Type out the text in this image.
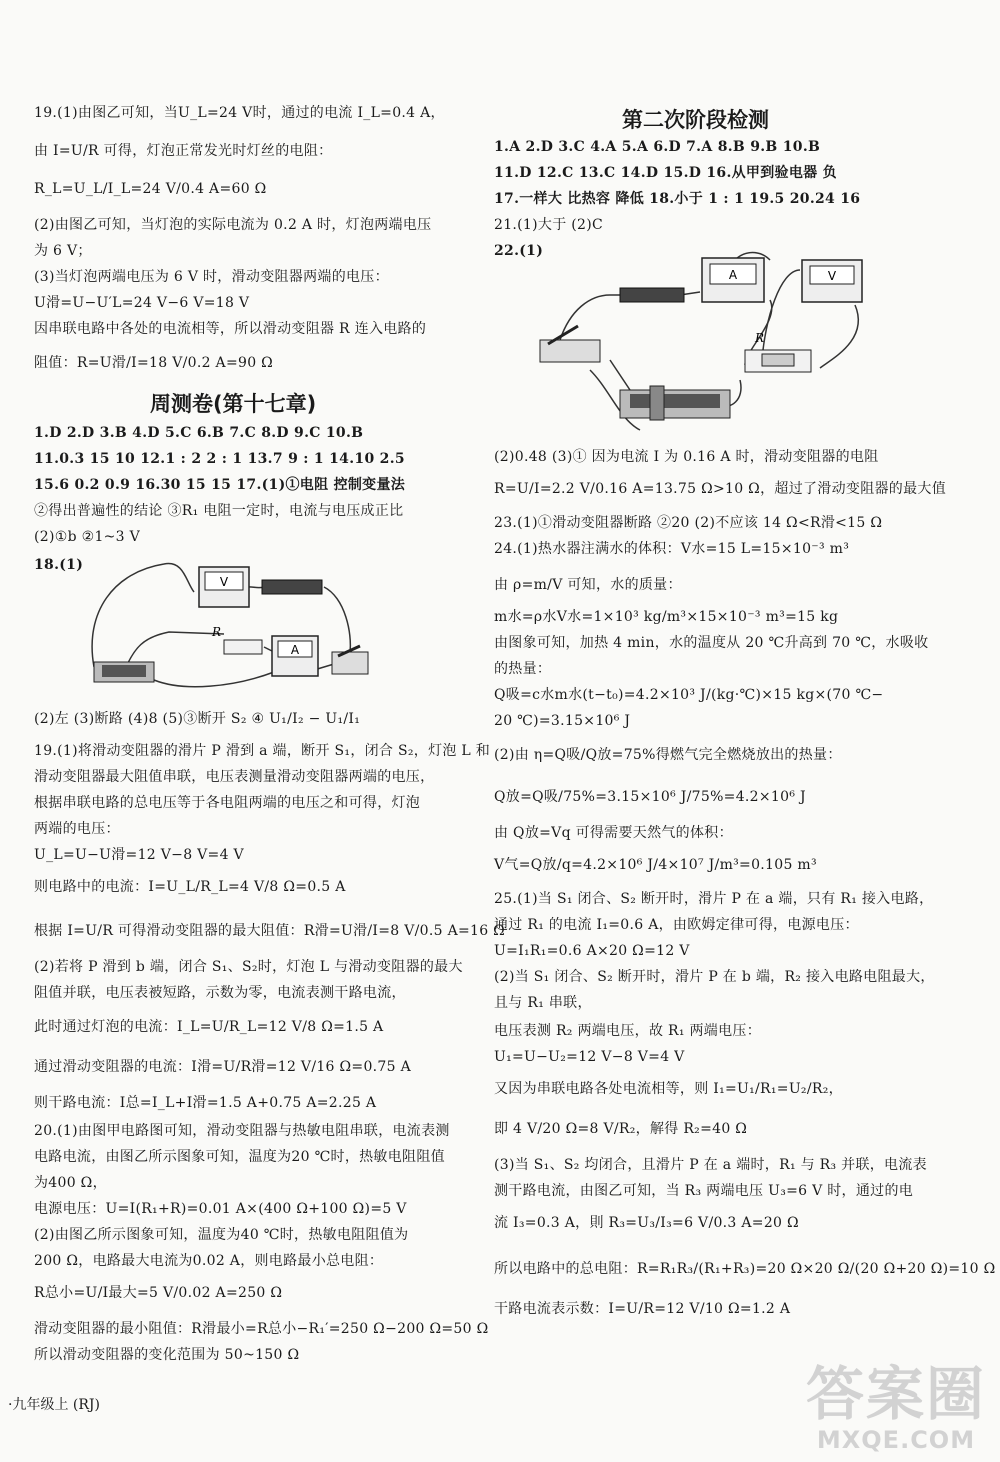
19.(1)由图乙可知，当U_L=24 V时，通过的电流 I_L=0.4 A，
由 I=U/R 可得，灯泡正常发光时灯丝的电阻：
R_L=U_L/I_L=24 V/0.4 A=60 Ω
(2)由图乙可知，当灯泡的实际电流为 0.2 A 时，灯泡两端电压
为 6 V；
(3)当灯泡两端电压为 6 V 时，滑动变阻器两端的电压：
U滑=U−U′L=24 V−6 V=18 V
因串联电路中各处的电流相等，所以滑动变阻器 R 连入电路的
阻值：R=U滑/I=18 V/0.2 A=90 Ω
周测卷(第十七章)
1.D 2.D 3.B 4.D 5.C 6.B 7.C 8.D 9.C 10.B
11.0.3 15 10 12.1 : 2 2 : 1 13.7 9 : 1 14.10 2.5
15.6 0.2 0.9 16.30 15 15 17.(1)①电阻 控制变量法
②得出普遍性的结论 ③R₁ 电阻一定时，电流与电压成正比
(2)①b ②1~3 V
18.(1)
V
R
A
(2)左 (3)断路 (4)8 (5)③断开 S₂ ④ U₁/I₂ − U₁/I₁
19.(1)将滑动变阻器的滑片 P 滑到 a 端，断开 S₁，闭合 S₂，灯泡 L 和
滑动变阻器最大阻值串联，电压表测量滑动变阻器两端的电压，
根据串联电路的总电压等于各电阻两端的电压之和可得，灯泡
两端的电压：
U_L=U−U滑=12 V−8 V=4 V
则电路中的电流：I=U_L/R_L=4 V/8 Ω=0.5 A
根据 I=U/R 可得滑动变阻器的最大阻值：R滑=U滑/I=8 V/0.5 A=16 Ω
(2)若将 P 滑到 b 端，闭合 S₁、S₂时，灯泡 L 与滑动变阻器的最大
阻值并联，电压表被短路，示数为零，电流表测干路电流，
此时通过灯泡的电流：I_L=U/R_L=12 V/8 Ω=1.5 A
通过滑动变阻器的电流：I滑=U/R滑=12 V/16 Ω=0.75 A
则干路电流：I总=I_L+I滑=1.5 A+0.75 A=2.25 A
20.(1)由图甲电路图可知，滑动变阻器与热敏电阻串联，电流表测
电路电流，由图乙所示图象可知，温度为20 ℃时，热敏电阻阻值
为400 Ω，
电源电压：U=I(R₁+R)=0.01 A×(400 Ω+100 Ω)=5 V
(2)由图乙所示图象可知，温度为40 ℃时，热敏电阻阻值为
200 Ω，电路最大电流为0.02 A，则电路最小总电阻：
R总小=U/I最大=5 V/0.02 A=250 Ω
滑动变阻器的最小阻值：R滑最小=R总小−R₁′=250 Ω−200 Ω=50 Ω
所以滑动变阻器的变化范围为 50~150 Ω
第二次阶段检测
1.A 2.D 3.C 4.A 5.A 6.D 7.A 8.B 9.B 10.B
11.D 12.C 13.C 14.D 15.D 16.从甲到验电器 负
17.一样大 比热容 降低 18.小于 1 : 1 19.5 20.24 16
21.(1)大于 (2)C
22.(1)
A	V
R
(2)0.48 (3)① 因为电流 I 为 0.16 A 时，滑动变阻器的电阻
R=U/I=2.2 V/0.16 A=13.75 Ω>10 Ω，超过了滑动变阻器的最大值
23.(1)①滑动变阻器断路 ②20 (2)不应该 14 Ω<R滑<15 Ω
24.(1)热水器注满水的体积：V水=15 L=15×10⁻³ m³
由 ρ=m/V 可知，水的质量：
m水=ρ水V水=1×10³ kg/m³×15×10⁻³ m³=15 kg
由图象可知，加热 4 min，水的温度从 20 ℃升高到 70 ℃，水吸收
的热量：
Q吸=c水m水(t−t₀)=4.2×10³ J/(kg·℃)×15 kg×(70 ℃−
20 ℃)=3.15×10⁶ J
(2)由 η=Q吸/Q放=75%得燃气完全燃烧放出的热量：
Q放=Q吸/75%=3.15×10⁶ J/75%=4.2×10⁶ J
由 Q放=Vq 可得需要天然气的体积：
V气=Q放/q=4.2×10⁶ J/4×10⁷ J/m³=0.105 m³
25.(1)当 S₁ 闭合、S₂ 断开时，滑片 P 在 a 端，只有 R₁ 接入电路，
通过 R₁ 的电流 I₁=0.6 A，由欧姆定律可得，电源电压：
U=I₁R₁=0.6 A×20 Ω=12 V
(2)当 S₁ 闭合、S₂ 断开时，滑片 P 在 b 端，R₂ 接入电路电阻最大，
且与 R₁ 串联，
电压表测 R₂ 两端电压，故 R₁ 两端电压：
U₁=U−U₂=12 V−8 V=4 V
又因为串联电路各处电流相等，则 I₁=U₁/R₁=U₂/R₂，
即 4 V/20 Ω=8 V/R₂，解得 R₂=40 Ω
(3)当 S₁、S₂ 均闭合，且滑片 P 在 a 端时，R₁ 与 R₃ 并联，电流表
测干路电流，由图乙可知，当 R₃ 两端电压 U₃=6 V 时，通过的电
流 I₃=0.3 A，則 R₃=U₃/I₃=6 V/0.3 A=20 Ω
所以电路中的总电阻：R=R₁R₃/(R₁+R₃)=20 Ω×20 Ω/(20 Ω+20 Ω)=10 Ω
干路电流表示数：I=U/R=12 V/10 Ω=1.2 A
·九年级上 (RJ)	答案圈
MXQE.COM
